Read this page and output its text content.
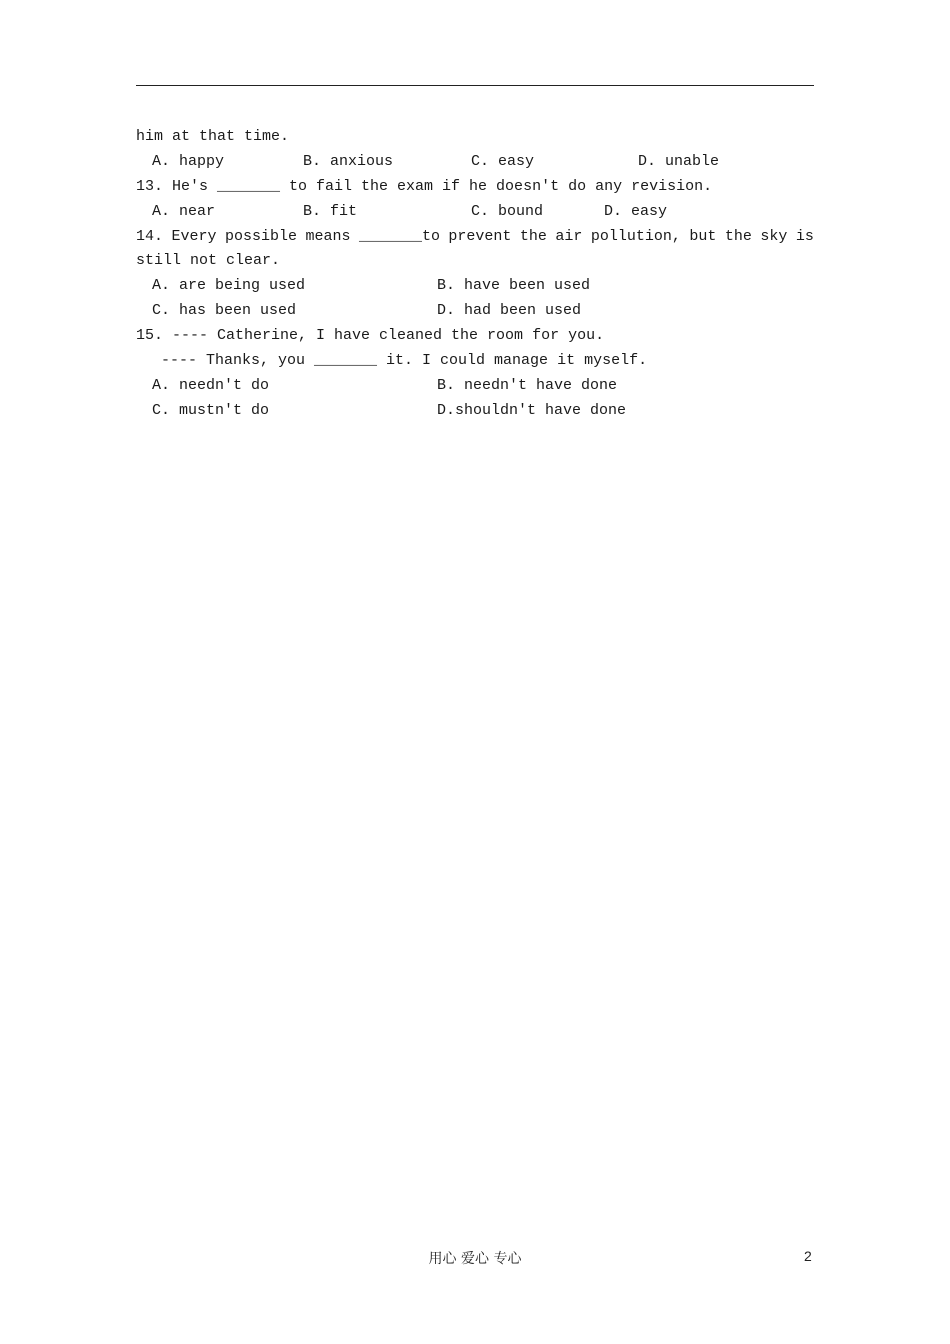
him at that time.

A. happy

	B. anxious

	C. easy

	D. unable

13. He's _______ to fail the exam if he doesn't do any revision.

A. near

	B. fit

	C. bound

	D. easy

14. Every possible means _______to prevent the air pollution, but the sky is
still not clear.

A. are being used

	B. have been used

C. has been used

	D. had been used

15. ---- Catherine, I have cleaned the room for you.

---- Thanks, you _______ it. I could manage it myself.

A. needn't do

	B. needn't have done

C. mustn't do

	D.shouldn't have done

用心 爱心 专心	2
